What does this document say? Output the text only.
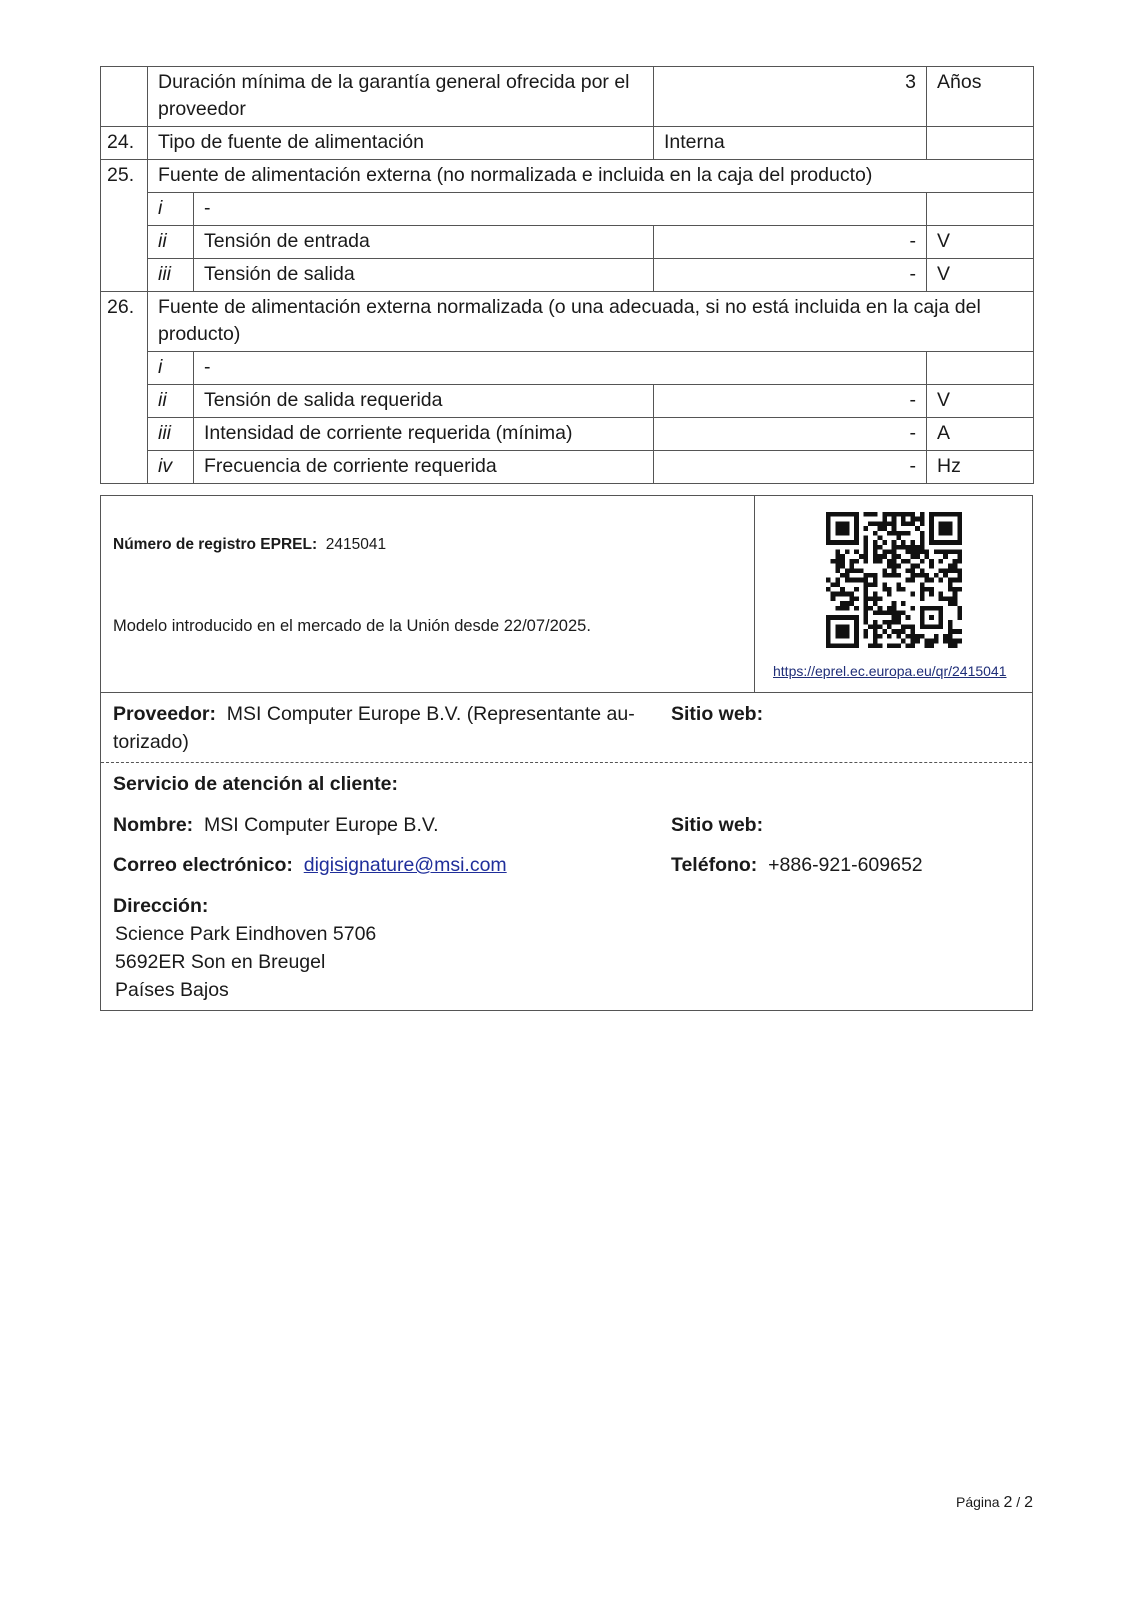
	Duración mínima de la garantía general ofrecida por el proveedor		3	Años
24.	Tipo de fuente de alimentación		Interna	
25.	Fuente de alimentación externa (no normalizada e incluida en la caja del producto)			
	i	-		
	ii	Tensión de entrada	-	V
	iii	Tensión de salida	-	V
26.	Fuente de alimentación externa normalizada (o una adecuada, si no está incluida en la caja del producto)			
	i	-		
	ii	Tensión de salida requerida	-	V
	iii	Intensidad de corriente requerida (mínima)	-	A
	iv	Frecuencia de corriente requerida	-	Hz
Número de registro EPREL: 2415041
Modelo introducido en el mercado de la Unión desde 22/07/2025.
https://eprel.ec.europa.eu/qr/2415041
Proveedor: MSI Computer Europe B.V. (Representante au-torizado)
Sitio web:
Servicio de atención al cliente:
Nombre: MSI Computer Europe B.V.	Sitio web:
Correo electrónico: digisignature@msi.com	Teléfono: +886-921-609652
Dirección:
Science Park Eindhoven 5706
5692ER Son en Breugel
Países Bajos
Página 2 / 2
